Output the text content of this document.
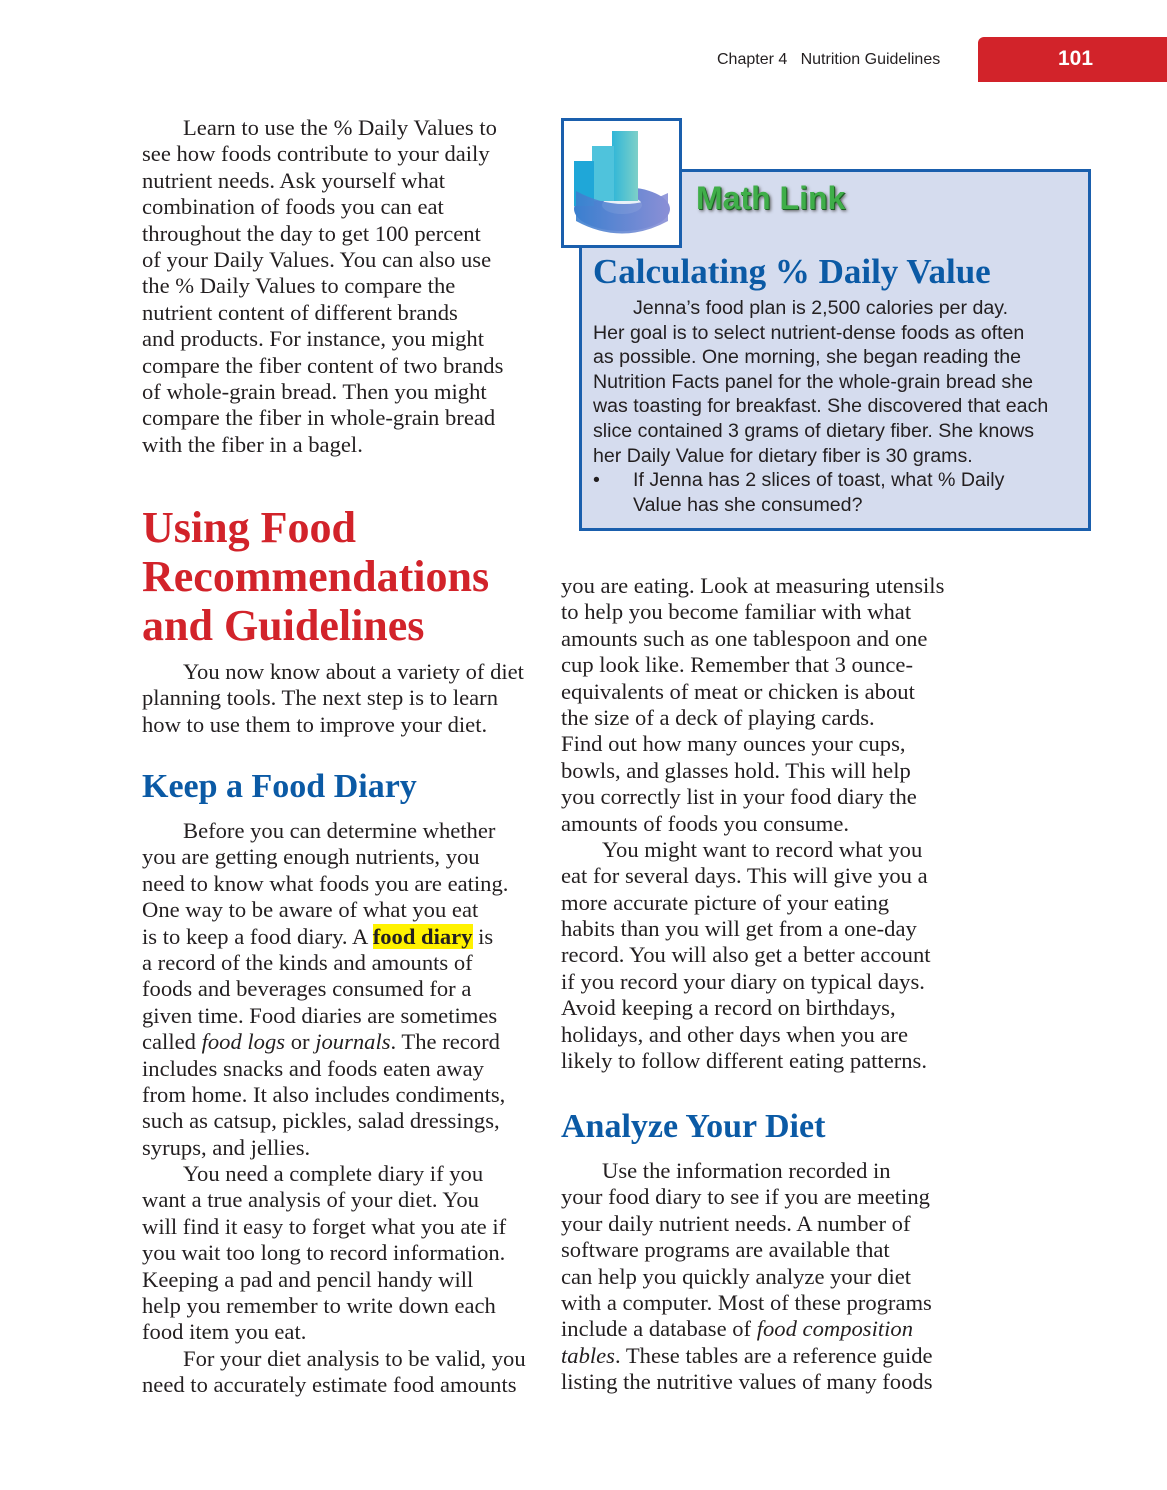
Chapter 4   Nutrition Guidelines	101
Learn to use the % Daily Values to
see how foods contribute to your daily
nutrient needs. Ask yourself what
combination of foods you can eat
throughout the day to get 100 percent
of your Daily Values. You can also use
the % Daily Values to compare the
nutrient content of different brands
and products. For instance, you might
compare the fiber content of two brands
of whole-grain bread. Then you might
compare the fiber in whole-grain bread
with the fiber in a bagel.
Using Food
Recommendations
and Guidelines
You now know about a variety of diet
planning tools. The next step is to learn
how to use them to improve your diet.
Keep a Food Diary
Before you can determine whether
you are getting enough nutrients, you
need to know what foods you are eating.
One way to be aware of what you eat
is to keep a food diary. A food diary is
a record of the kinds and amounts of
foods and beverages consumed for a
given time. Food diaries are sometimes
called food logs or journals. The record
includes snacks and foods eaten away
from home. It also includes condiments,
such as catsup, pickles, salad dressings,
syrups, and jellies.
You need a complete diary if you
want a true analysis of your diet. You
will find it easy to forget what you ate if
you wait too long to record information.
Keeping a pad and pencil handy will
help you remember to write down each
food item you eat.
For your diet analysis to be valid, you
need to accurately estimate food amounts
Math Link
Calculating % Daily Value
Jenna’s food plan is 2,500 calories per day.
Her goal is to select nutrient-dense foods as often
as possible. One morning, she began reading the
Nutrition Facts panel for the whole-grain bread she
was toasting for breakfast. She discovered that each
slice contained 3 grams of dietary fiber. She knows
her Daily Value for dietary fiber is 30 grams.
• If Jenna has 2 slices of toast, what % Daily
Value has she consumed?
you are eating. Look at measuring utensils
to help you become familiar with what
amounts such as one tablespoon and one
cup look like. Remember that 3 ounce-
equivalents of meat or chicken is about
the size of a deck of playing cards.
Find out how many ounces your cups,
bowls, and glasses hold. This will help
you correctly list in your food diary the
amounts of foods you consume.
You might want to record what you
eat for several days. This will give you a
more accurate picture of your eating
habits than you will get from a one-day
record. You will also get a better account
if you record your diary on typical days.
Avoid keeping a record on birthdays,
holidays, and other days when you are
likely to follow different eating patterns.
Analyze Your Diet
Use the information recorded in
your food diary to see if you are meeting
your daily nutrient needs. A number of
software programs are available that
can help you quickly analyze your diet
with a computer. Most of these programs
include a database of food composition
tables. These tables are a reference guide
listing the nutritive values of many foods
